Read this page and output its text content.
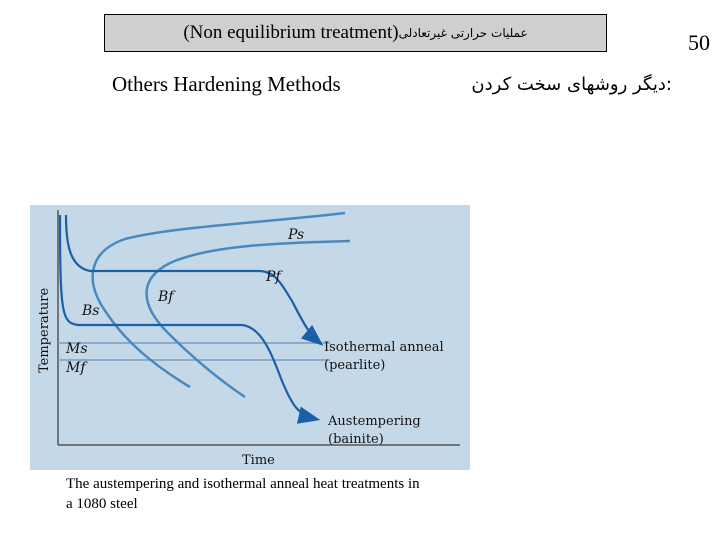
(Non equilibrium treatment) عملیات حرارتی غیرتعادلی	50
Others Hardening Methods	:دیگر روشهای سخت کردن
Ps
Pf
Bs
Bf
Ms
Mf
Isothermal anneal
(pearlite)
Austempering
(bainite)
Temperature
Time
The austempering and isothermal anneal heat treatments in a 1080 steel
